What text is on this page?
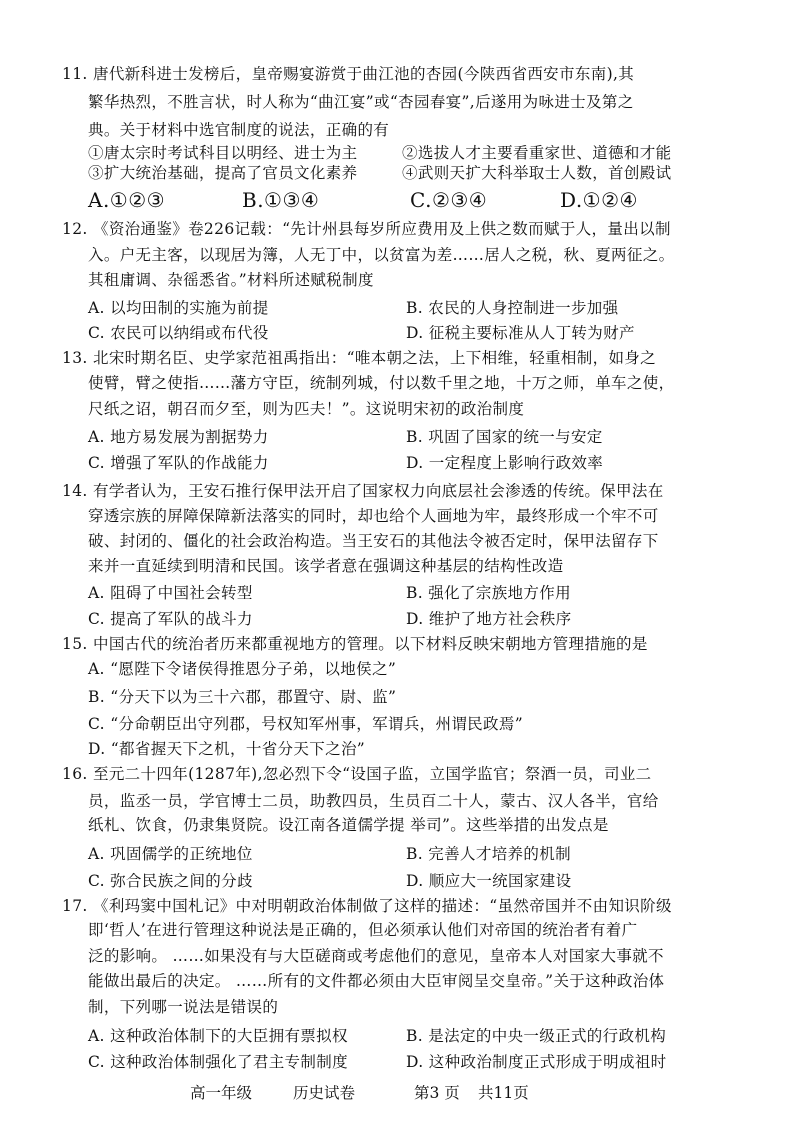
11. 唐代新科进士发榜后，皇帝赐宴游赏于曲江池的杏园(今陕西省西安市东南),其
繁华热烈，不胜言状，时人称为“曲江宴”或“杏园春宴”,后遂用为咏进士及第之
典。关于材料中选官制度的说法，正确的有
①唐太宗时考试科目以明经、进士为主	②选拔人才主要看重家世、道德和才能
③扩大统治基础，提高了官员文化素养	④武则天扩大科举取士人数，首创殿试
A.①②③	B.①③④	C.②③④	D.①②④
12. 《资治通鉴》卷226记载：“先计州县每岁所应费用及上供之数而赋于人，量出以制
入。户无主客，以现居为簿，人无丁中，以贫富为差……居人之税，秋、夏两征之。
其租庸调、杂徭悉省。”材料所述赋税制度
A. 以均田制的实施为前提	B. 农民的人身控制进一步加强
C. 农民可以纳绢或布代役	D. 征税主要标准从人丁转为财产
13. 北宋时期名臣、史学家范祖禹指出：“唯本朝之法，上下相维，轻重相制，如身之
使臂，臂之使指……藩方守臣，统制列城，付以数千里之地，十万之师，单车之使，
尺纸之诏，朝召而夕至，则为匹夫！”。这说明宋初的政治制度
A. 地方易发展为割据势力	B. 巩固了国家的统一与安定
C. 增强了军队的作战能力	D. 一定程度上影响行政效率
14. 有学者认为，王安石推行保甲法开启了国家权力向底层社会渗透的传统。保甲法在
穿透宗族的屏障保障新法落实的同时，却也给个人画地为牢，最终形成一个牢不可
破、封闭的、僵化的社会政治构造。当王安石的其他法令被否定时，保甲法留存下
来并一直延续到明清和民国。该学者意在强调这种基层的结构性改造
A. 阻碍了中国社会转型	B. 强化了宗族地方作用
C. 提高了军队的战斗力	D. 维护了地方社会秩序
15. 中国古代的统治者历来都重视地方的管理。以下材料反映宋朝地方管理措施的是
A. “愿陛下令诸侯得推恩分子弟，以地侯之”
B. “分天下以为三十六郡，郡置守、尉、监”
C. “分命朝臣出守列郡，号权知军州事，军谓兵，州谓民政焉”
D. “都省握天下之机，十省分天下之治”
16. 至元二十四年(1287年),忽必烈下令“设国子监，立国学监官；祭酒一员，司业二
员，监丞一员，学官博士二员，助教四员，生员百二十人，蒙古、汉人各半，官给
纸札、饮食，仍隶集贤院。设江南各道儒学提 举司”。这些举措的出发点是
A. 巩固儒学的正统地位	B. 完善人才培养的机制
C. 弥合民族之间的分歧	D. 顺应大一统国家建设
17. 《利玛窦中国札记》中对明朝政治体制做了这样的描述：“虽然帝国并不由知识阶级
即‘哲人’在进行管理这种说法是正确的，但必须承认他们对帝国的统治者有着广
泛的影响。 ……如果没有与大臣磋商或考虑他们的意见，皇帝本人对国家大事就不
能做出最后的决定。 ……所有的文件都必须由大臣审阅呈交皇帝。”关于这种政治体
制，下列哪一说法是错误的
A. 这种政治体制下的大臣拥有票拟权	B. 是法定的中央一级正式的行政机构
C. 这种政治体制强化了君主专制制度	D. 这种政治制度正式形成于明成祖时
高一年级	历史试卷	第3 页 共11页
